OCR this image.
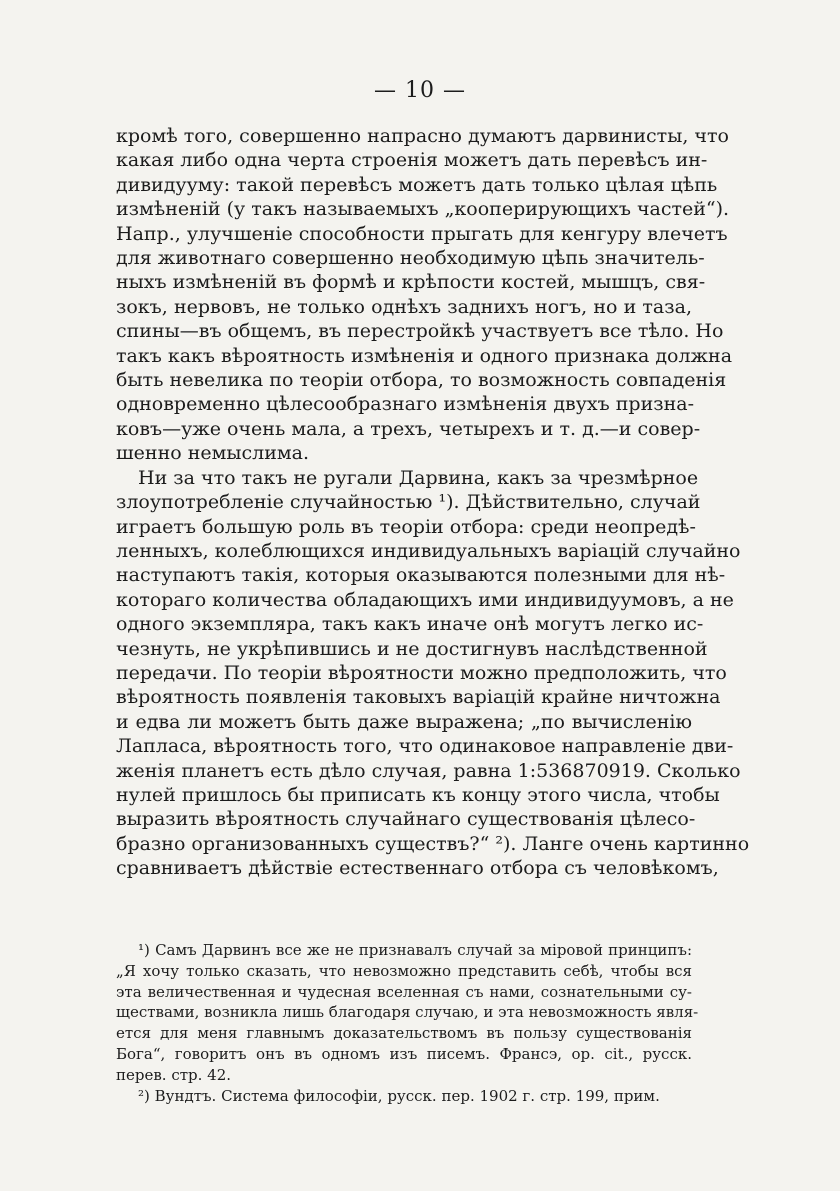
— 10 —
кромѣ того, совершенно напрасно думаютъ дарвинисты, что
какая либо одна черта строенія можетъ дать перевѣсъ ин-
дивидууму: такой перевѣсъ можетъ дать только цѣлая цѣпь
измѣненій (у такъ называемыхъ „кооперирующихъ частей“).
Напр., улучшеніе способности прыгать для кенгуру влечетъ
для животнаго совершенно необходимую цѣпь значитель-
ныхъ измѣненій въ формѣ и крѣпости костей, мышцъ, свя-
зокъ, нервовъ, не только однѣхъ заднихъ ногъ, но и таза,
спины—въ общемъ, въ перестройкѣ участвуетъ все тѣло. Но
такъ какъ вѣроятность измѣненія и одного признака должна
быть невелика по теоріи отбора, то возможность совпаденія
одновременно цѣлесообразнаго измѣненія двухъ призна-
ковъ—уже очень мала, а трехъ, четырехъ и т. д.—и совер-
шенно немыслима.
Ни за что такъ не ругали Дарвина, какъ за чрезмѣрное
злоупотребленіе случайностью ¹). Дѣйствительно, случай
играетъ большую роль въ теоріи отбора: среди неопредѣ-
ленныхъ, колеблющихся индивидуальныхъ варіацій случайно
наступаютъ такія, которыя оказываются полезными для нѣ-
котораго количества обладающихъ ими индивидуумовъ, а не
одного экземпляра, такъ какъ иначе онѣ могутъ легко ис-
чезнуть, не укрѣпившись и не достигнувъ наслѣдственной
передачи. По теоріи вѣроятности можно предположить, что
вѣроятность появленія таковыхъ варіацій крайне ничтожна
и едва ли можетъ быть даже выражена; „по вычисленію
Лапласа, вѣроятность того, что одинаковое направленіе дви-
женія планетъ есть дѣло случая, равна 1:536870919. Сколько
нулей пришлось бы приписать къ концу этого числа, чтобы
выразить вѣроятность случайнаго существованія цѣлесо-
бразно организованныхъ существъ?“ ²). Ланге очень картинно
сравниваетъ дѣйствіе естественнаго отбора съ человѣкомъ,
¹) Самъ Дарвинъ все же не признавалъ случай за міровой принципъ:
„Я хочу только сказать, что невозможно представить себѣ, чтобы вся
эта величественная и чудесная вселенная съ нами, сознательными су-
ществами, возникла лишь благодаря случаю, и эта невозможность явля-
ется для меня главнымъ доказательствомъ въ пользу существованія
Бога“, говоритъ онъ въ одномъ изъ писемъ. Франсэ, op. cit., русск.
перев. стр. 42.
²) Вундтъ. Система философіи, русск. пер. 1902 г. стр. 199, прим.
